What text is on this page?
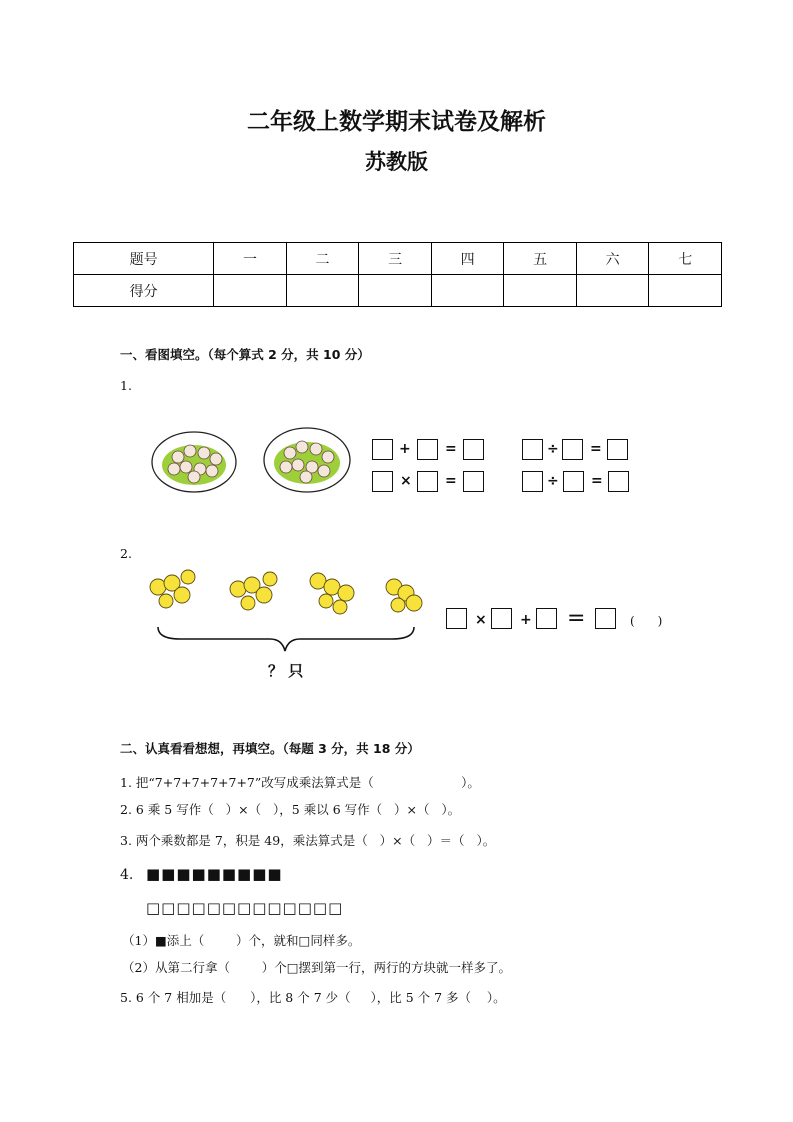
二年级上数学期末试卷及解析
苏教版
题号	一	二	三	四	五	六	七
得分							
一、看图填空。（每个算式 2 分，共 10 分）
1.
+ =	÷ =
× =	÷ =
2.
？ 只
× + =	(      )
二、认真看看想想，再填空。（每题 3 分，共 18 分）
1. 把“7+7+7+7+7+7”改写成乘法算式是（                      ）。
2. 6 乘 5 写作（   ）×（   ），5 乘以 6 写作（   ）×（   ）。
3. 两个乘数都是 7，积是 49，乘法算式是（   ）×（   ）＝（   ）。
4. ■■■■■■■■■
□□□□□□□□□□□□□
（1）■添上（        ）个，就和□同样多。
（2）从第二行拿（        ）个□摆到第一行，两行的方块就一样多了。
5. 6 个 7 相加是（      ），比 8 个 7 少（     ），比 5 个 7 多（    ）。
